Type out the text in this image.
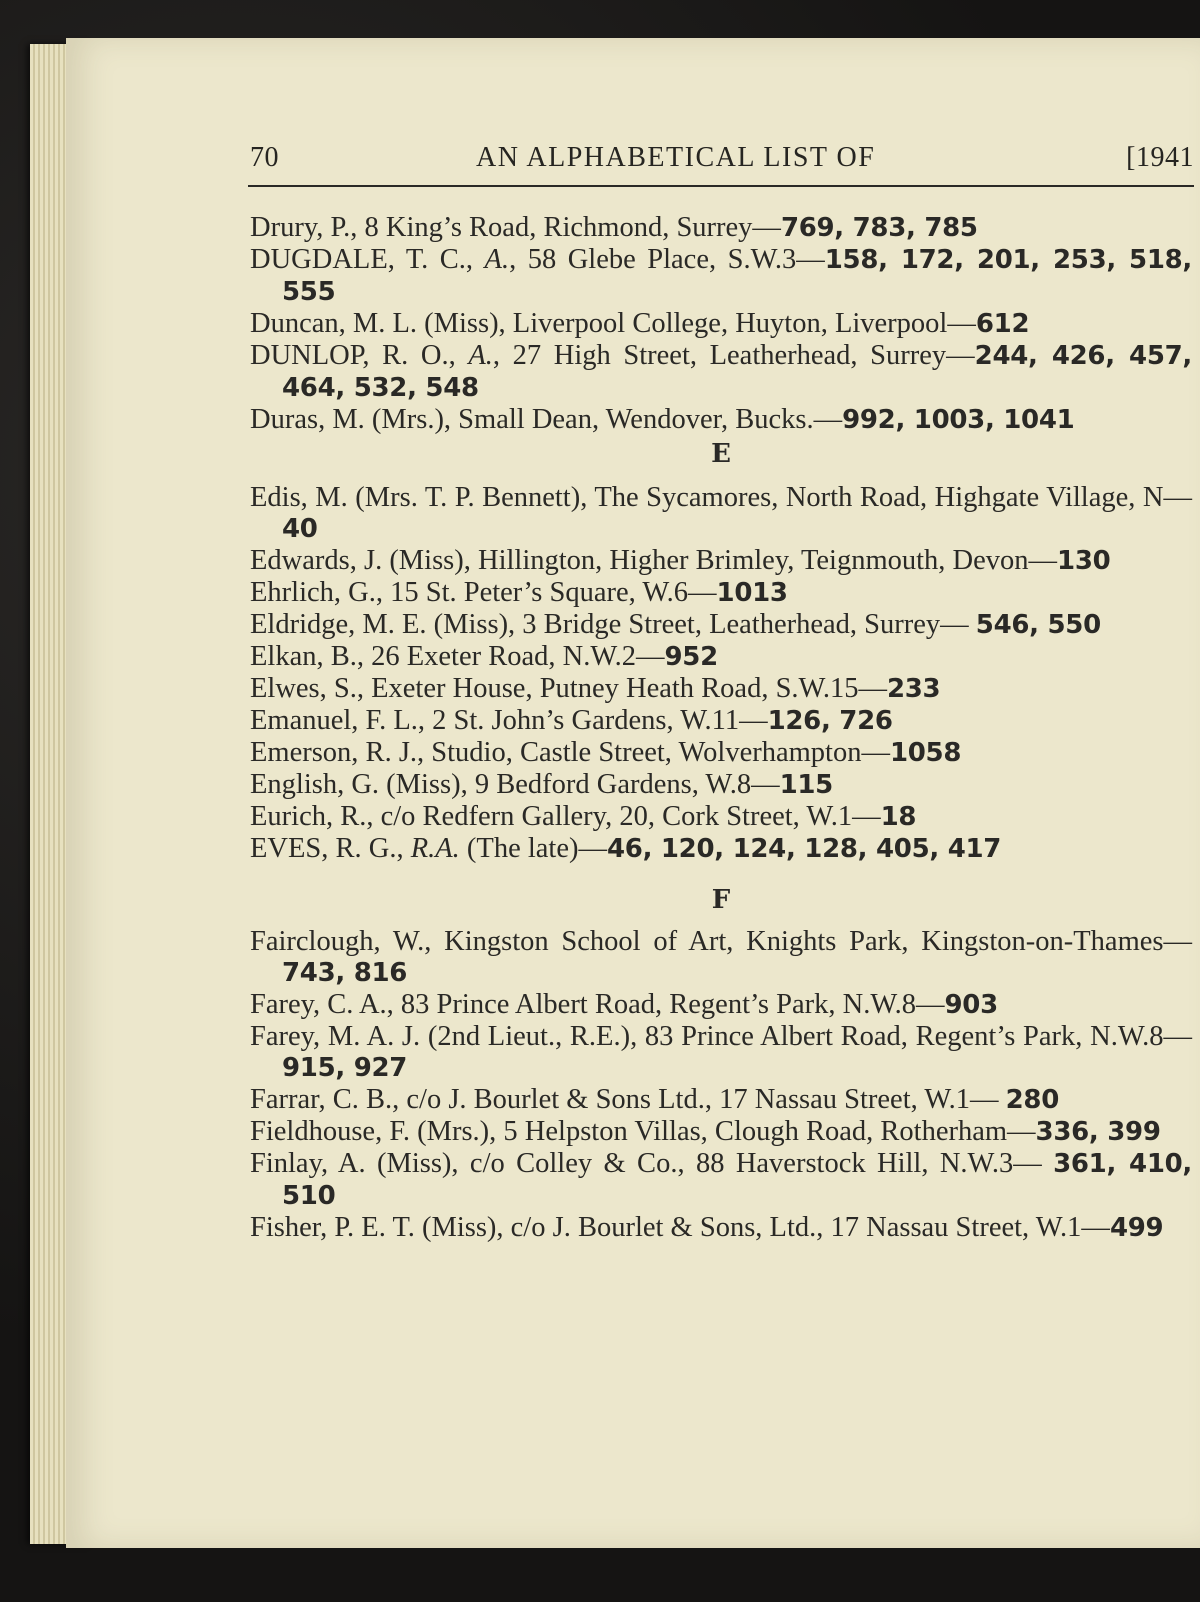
70	AN ALPHABETICAL LIST OF	[1941
Drury, P., 8 King’s Road, Richmond, Surrey—769, 783, 785
DUGDALE, T. C., A., 58 Glebe Place, S.W.3—158, 172, 201, 253, 518, 555
Duncan, M. L. (Miss), Liverpool College, Huyton, Liverpool—612
DUNLOP, R. O., A., 27 High Street, Leatherhead, Surrey—244, 426, 457, 464, 532, 548
Duras, M. (Mrs.), Small Dean, Wendover, Bucks.—992, 1003, 1041
E
Edis, M. (Mrs. T. P. Bennett), The Sycamores, North Road, Highgate Village, N—40
Edwards, J. (Miss), Hillington, Higher Brimley, Teignmouth, Devon—130
Ehrlich, G., 15 St. Peter’s Square, W.6—1013
Eldridge, M. E. (Miss), 3 Bridge Street, Leatherhead, Surrey— 546, 550
Elkan, B., 26 Exeter Road, N.W.2—952
Elwes, S., Exeter House, Putney Heath Road, S.W.15—233
Emanuel, F. L., 2 St. John’s Gardens, W.11—126, 726
Emerson, R. J., Studio, Castle Street, Wolverhampton—1058
English, G. (Miss), 9 Bedford Gardens, W.8—115
Eurich, R., c/o Redfern Gallery, 20, Cork Street, W.1—18
EVES, R. G., R.A. (The late)—46, 120, 124, 128, 405, 417
F
Fairclough, W., Kingston School of Art, Knights Park, Kingston-on-Thames—743, 816
Farey, C. A., 83 Prince Albert Road, Regent’s Park, N.W.8—903
Farey, M. A. J. (2nd Lieut., R.E.), 83 Prince Albert Road, Regent’s Park, N.W.8—915, 927
Farrar, C. B., c/o J. Bourlet & Sons Ltd., 17 Nassau Street, W.1— 280
Fieldhouse, F. (Mrs.), 5 Helpston Villas, Clough Road, Rotherham—336, 399
Finlay, A. (Miss), c/o Colley & Co., 88 Haverstock Hill, N.W.3— 361, 410, 510
Fisher, P. E. T. (Miss), c/o J. Bourlet & Sons, Ltd., 17 Nassau Street, W.1—499
